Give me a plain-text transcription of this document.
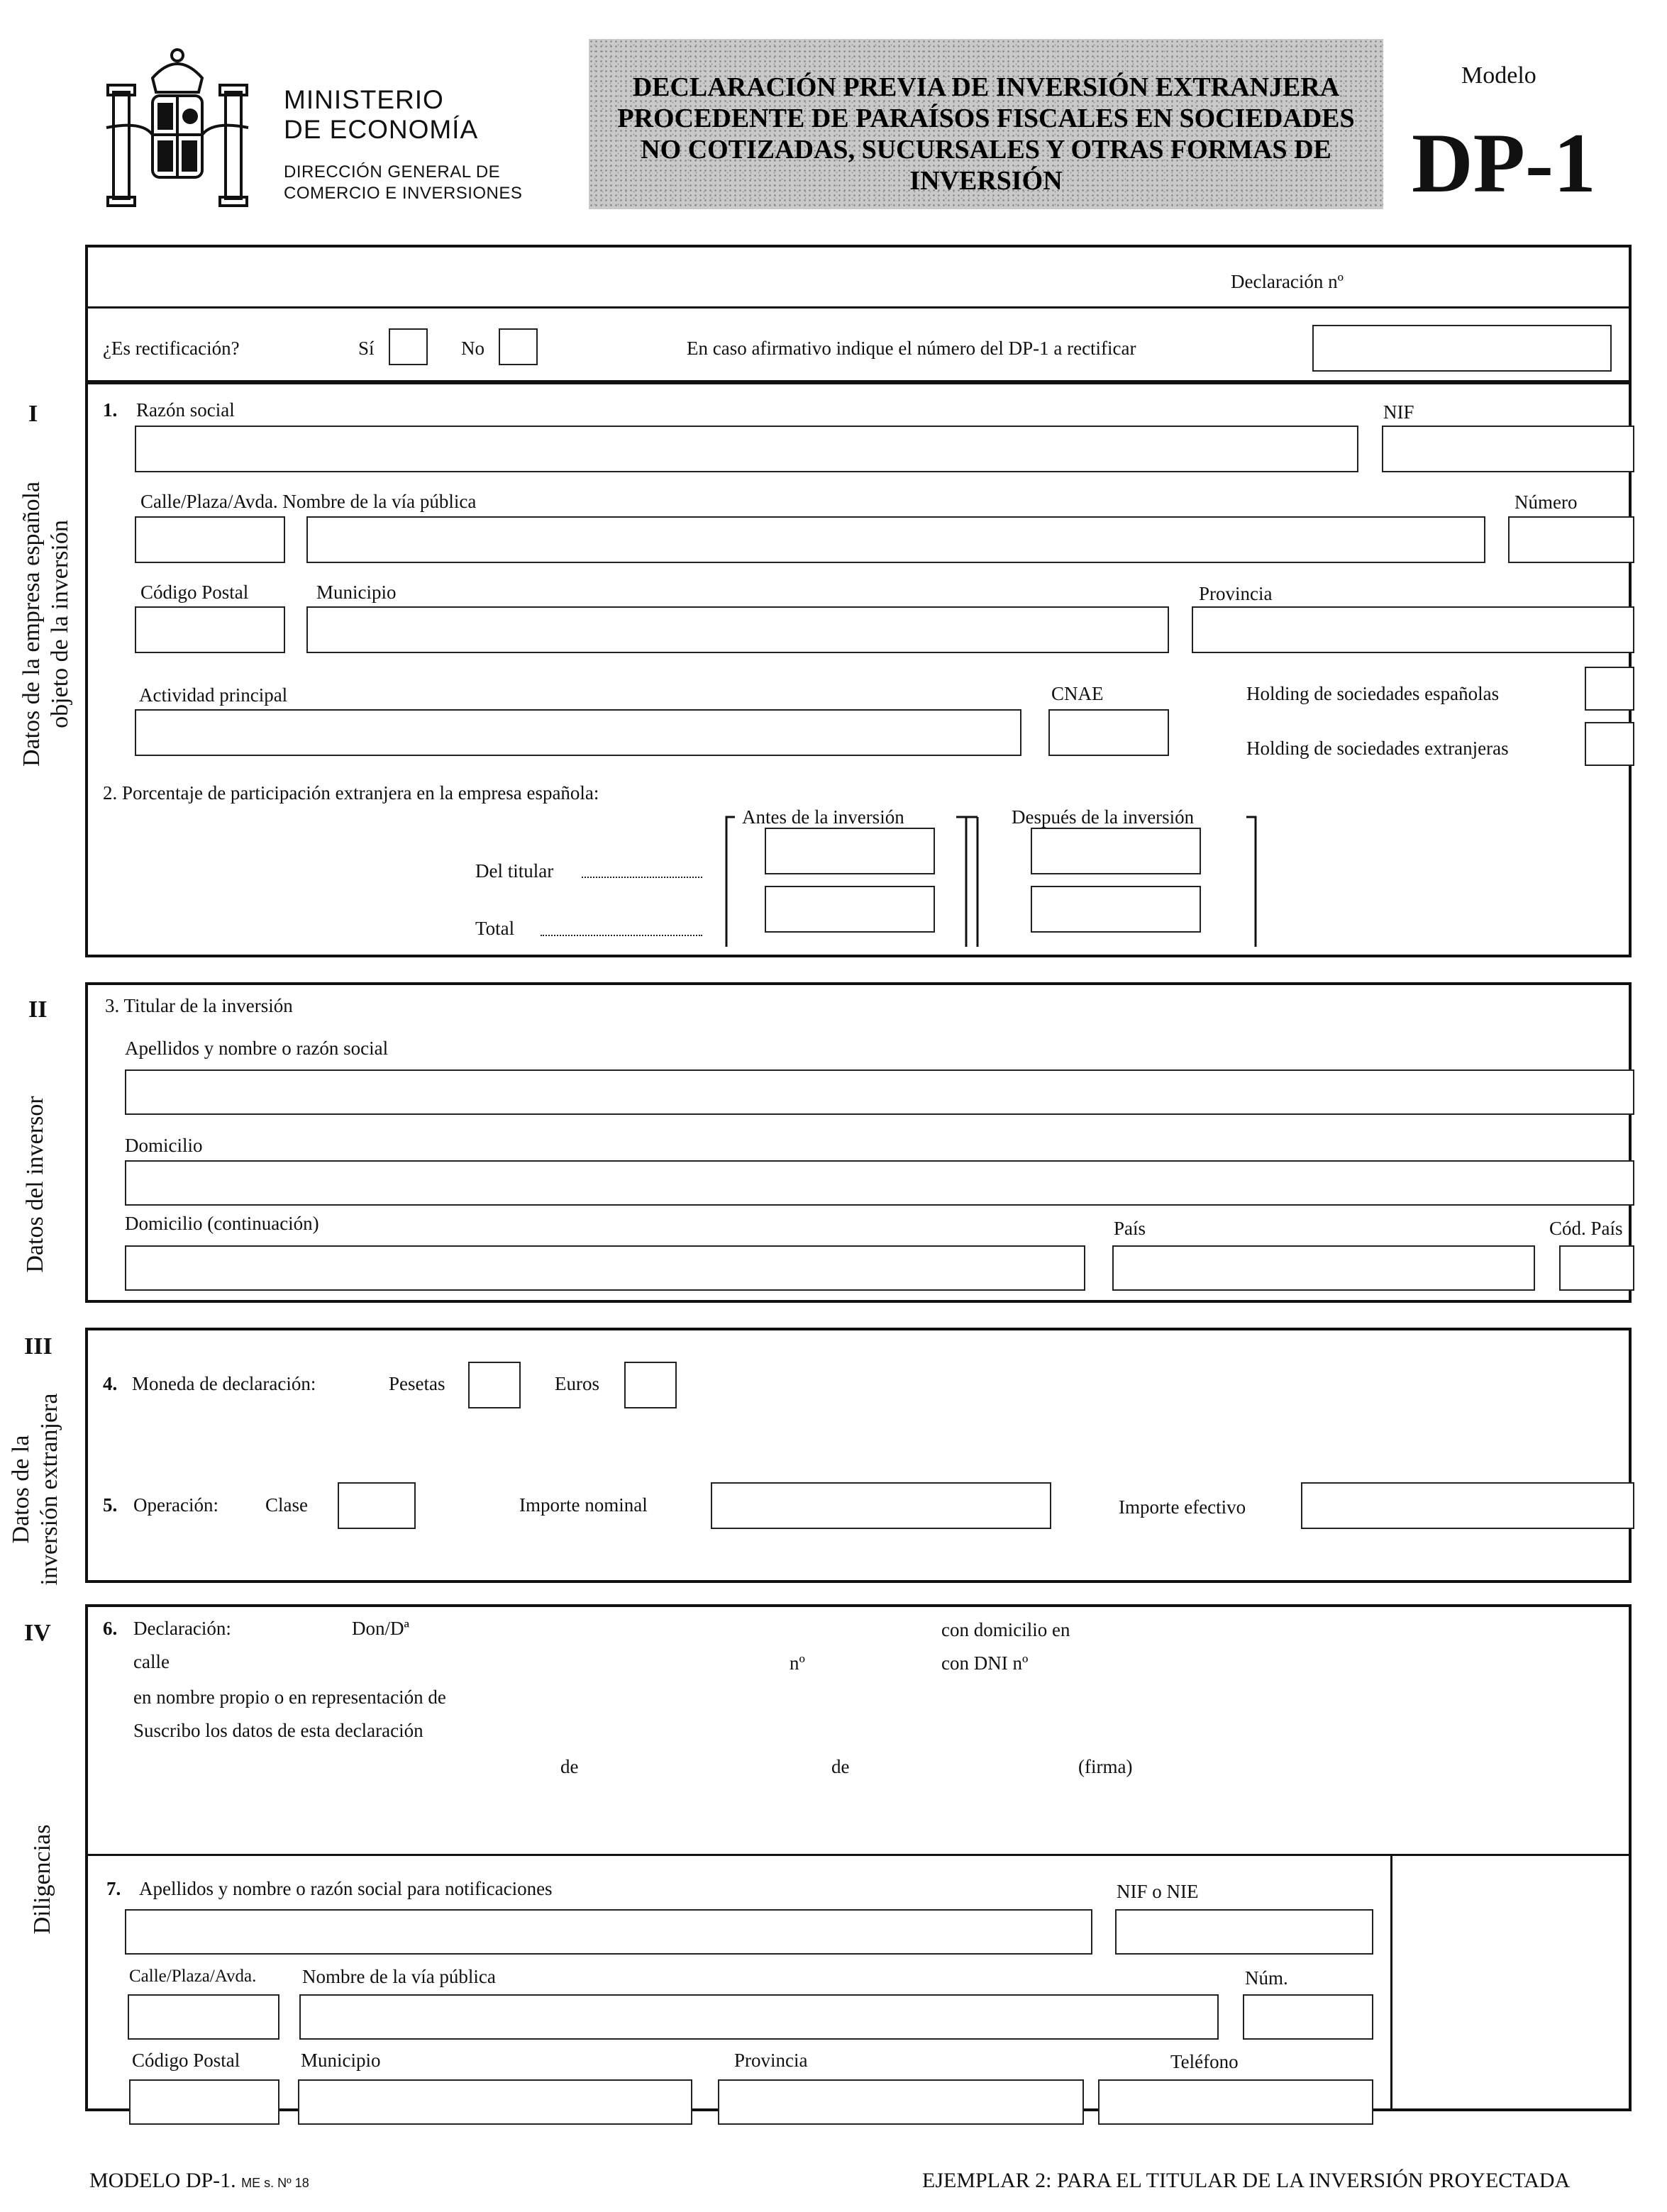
MINISTERIO
DE ECONOMÍA
DIRECCIÓN GENERAL DE
COMERCIO E INVERSIONES
DECLARACIÓN PREVIA DE INVERSIÓN EXTRANJERA
PROCEDENTE DE PARAÍSOS FISCALES EN SOCIEDADES
NO COTIZADAS, SUCURSALES Y OTRAS FORMAS DE
INVERSIÓN
Modelo
DP-1
Declaración nº
¿Es rectificación?	Sí	No	En caso afirmativo indique el número del DP-1 a rectificar
I
Datos de la empresa española objeto de la inversión
1. Razón social	NIF
Calle/Plaza/Avda. Nombre de la vía pública	Número
Código Postal	Municipio	Provincia
Actividad principal	CNAE	Holding de sociedades españolas
Holding de sociedades extranjeras
2. Porcentaje de participación extranjera en la empresa española:
Antes de la inversión	Después de la inversión
Del titular
Total
II
Datos del inversor
3. Titular de la inversión
Apellidos y nombre o razón social
Domicilio
Domicilio (continuación)	País	Cód. País
III
Datos de la inversión extranjera
4. Moneda de declaración:	Pesetas	Euros
5. Operación: Clase	Importe nominal	Importe efectivo
IV
Diligencias
6. Declaración:	Don/Dª	con domicilio en
calle	nº	con DNI nº
en nombre propio o en representación de
Suscribo los datos de esta declaración
de	de	(firma)
7. Apellidos y nombre o razón social para notificaciones	NIF o NIE
Calle/Plaza/Avda. Nombre de la vía pública	Núm.
Código Postal	Municipio	Provincia	Teléfono
MODELO DP-1. ME s. Nº 18	EJEMPLAR 2: PARA EL TITULAR DE LA INVERSIÓN PROYECTADA
